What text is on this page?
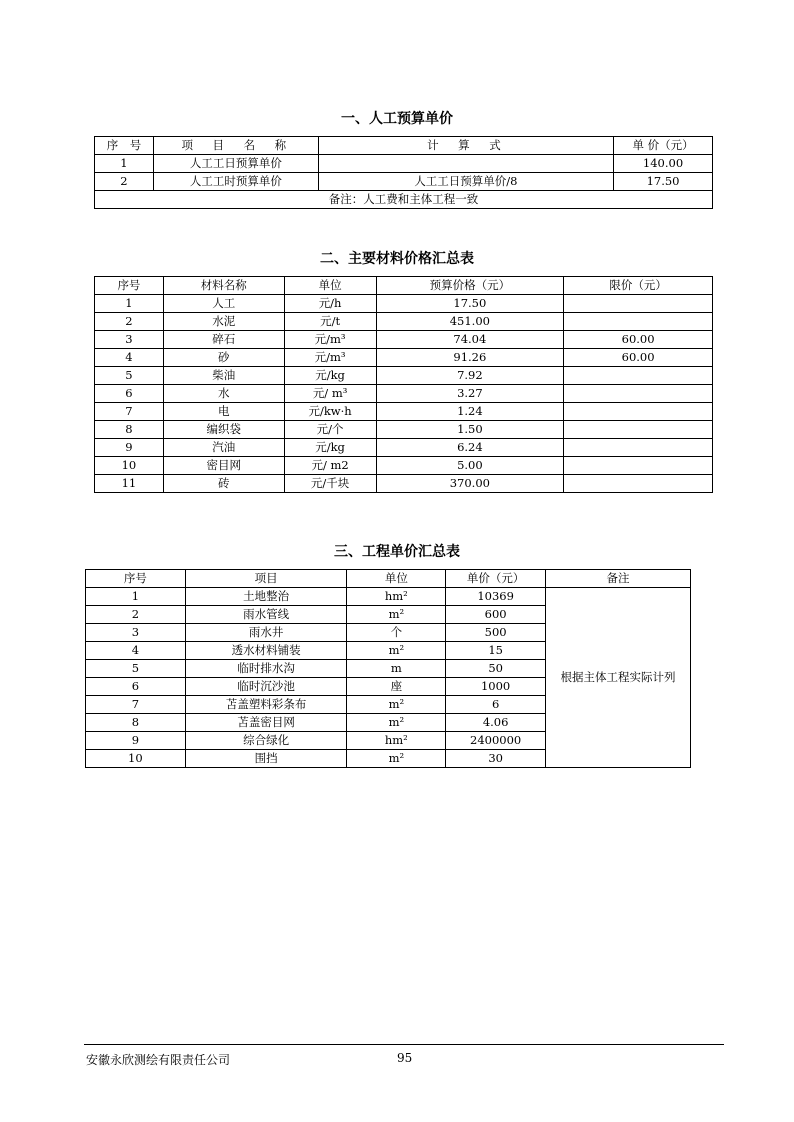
一、人工预算单价
序　号	项　目　名　称	计　算　式	单 价（元）
1	人工工日预算单价		140.00
2	人工工时预算单价	人工工日预算单价/8	17.50
备注：人工费和主体工程一致			
二、主要材料价格汇总表
序号	材料名称	单位	预算价格（元）	限价（元）
1	人工	元/h	17.50	
2	水泥	元/t	451.00	
3	碎石	元/m³	74.04	60.00
4	砂	元/m³	91.26	60.00
5	柴油	元/kg	7.92	
6	水	元/ m³	3.27	
7	电	元/kw·h	1.24	
8	编织袋	元/个	1.50	
9	汽油	元/kg	6.24	
10	密目网	元/ m2	5.00	
11	砖	元/千块	370.00	
三、工程单价汇总表
序号	项目	单位	单价（元）	备注
1	土地整治	hm²	10369	根据主体工程实际计列
2	雨水管线	m²	600	
3	雨水井	个	500	
4	透水材料铺装	m²	15	
5	临时排水沟	m	50	
6	临时沉沙池	座	1000	
7	苫盖塑料彩条布	m²	6	
8	苫盖密目网	m²	4.06	
9	综合绿化	hm²	2400000	
10	围挡	m²	30	
安徽永欣测绘有限责任公司	95
